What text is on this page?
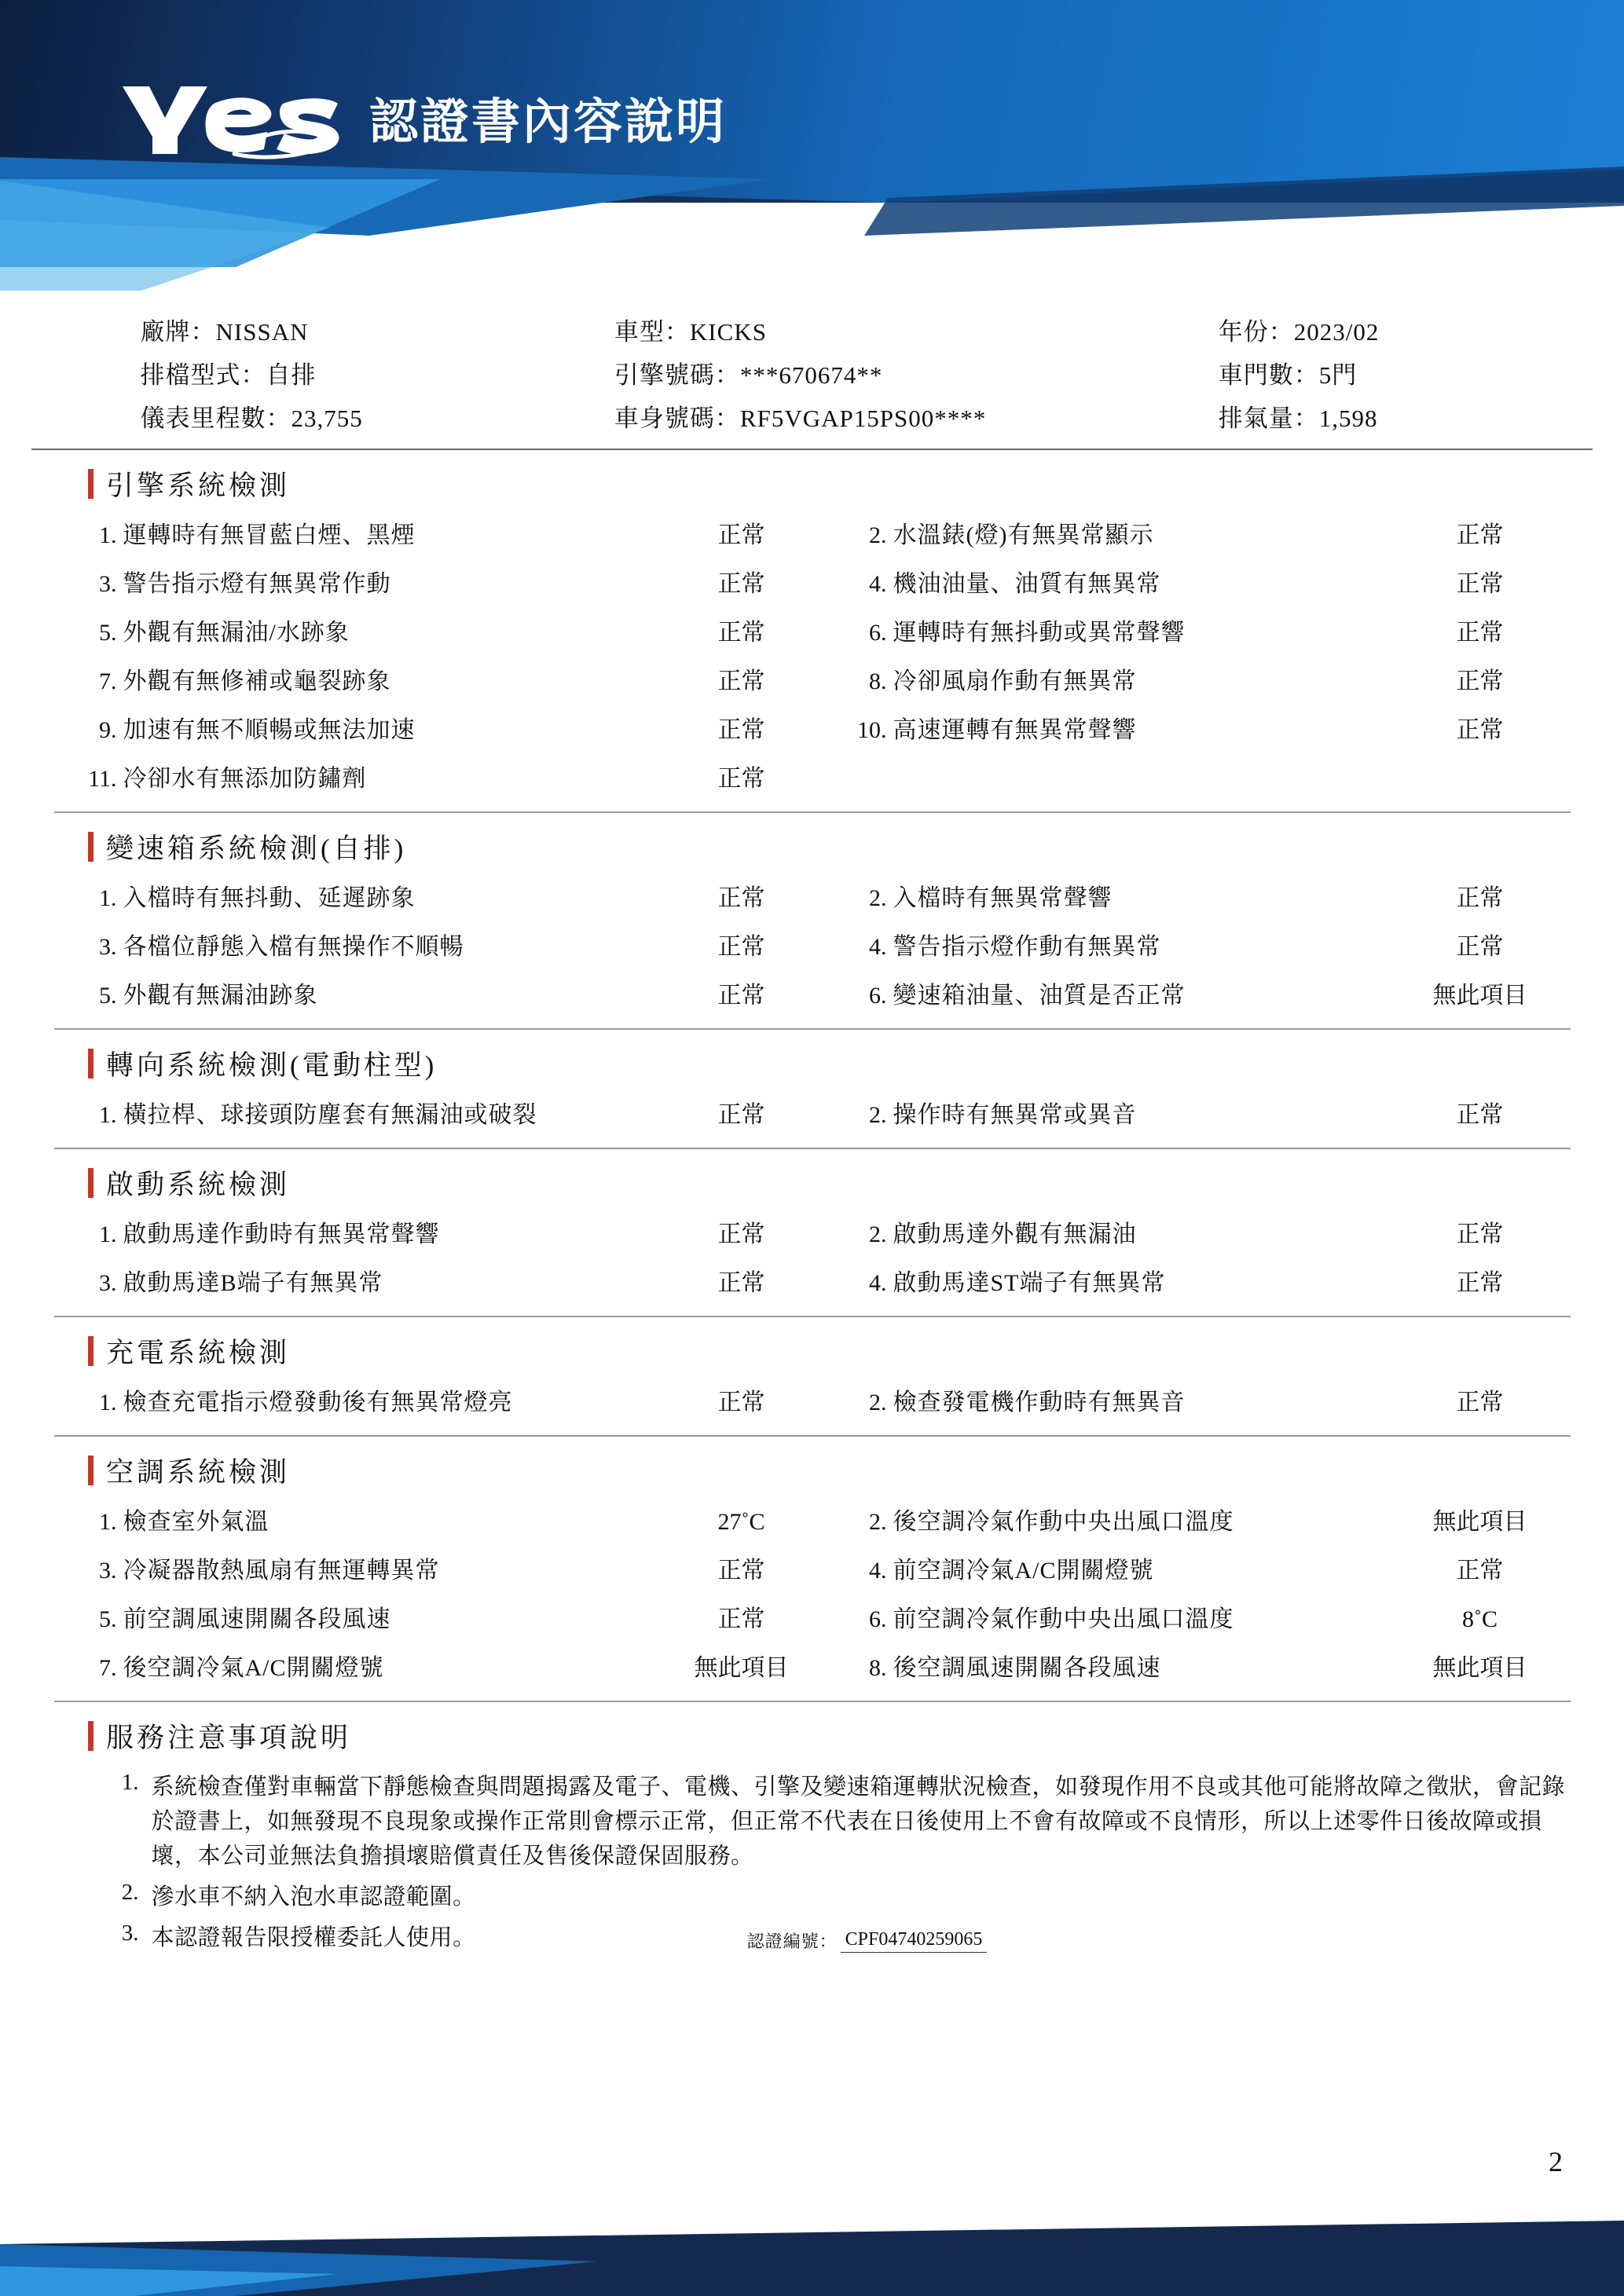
認證書內容說明
廠牌：NISSAN	車型：KICKS	年份：2023/02
排檔型式：自排	引擎號碼：***670674**	車門數：5門
儀表里程數：23,755	車身號碼：RF5VGAP15PS00****	排氣量：1,598
引擎系統檢測
1. 運轉時有無冒藍白煙、黑煙	正常	2. 水溫錶(燈)有無異常顯示	正常
3. 警告指示燈有無異常作動	正常	4. 機油油量、油質有無異常	正常
5. 外觀有無漏油/水跡象	正常	6. 運轉時有無抖動或異常聲響	正常
7. 外觀有無修補或龜裂跡象	正常	8. 冷卻風扇作動有無異常	正常
9. 加速有無不順暢或無法加速	正常	10. 高速運轉有無異常聲響	正常
11. 冷卻水有無添加防鏽劑	正常
變速箱系統檢測(自排)
1. 入檔時有無抖動、延遲跡象	正常	2. 入檔時有無異常聲響	正常
3. 各檔位靜態入檔有無操作不順暢	正常	4. 警告指示燈作動有無異常	正常
5. 外觀有無漏油跡象	正常	6. 變速箱油量、油質是否正常	無此項目
轉向系統檢測(電動柱型)
1. 橫拉桿、球接頭防塵套有無漏油或破裂	正常	2. 操作時有無異常或異音	正常
啟動系統檢測
1. 啟動馬達作動時有無異常聲響	正常	2. 啟動馬達外觀有無漏油	正常
3. 啟動馬達B端子有無異常	正常	4. 啟動馬達ST端子有無異常	正常
充電系統檢測
1. 檢查充電指示燈發動後有無異常燈亮	正常	2. 檢查發電機作動時有無異音	正常
空調系統檢測
1. 檢查室外氣溫	27˚C	2. 後空調冷氣作動中央出風口溫度	無此項目
3. 冷凝器散熱風扇有無運轉異常	正常	4. 前空調冷氣A/C開關燈號	正常
5. 前空調風速開關各段風速	正常	6. 前空調冷氣作動中央出風口溫度	8˚C
7. 後空調冷氣A/C開關燈號	無此項目	8. 後空調風速開關各段風速	無此項目
服務注意事項說明
1. 系統檢查僅對車輛當下靜態檢查與問題揭露及電子、電機、引擎及變速箱運轉狀況檢查，如發現作用不良或其他可能將故障之徵狀，會記錄於證書上，如無發現不良現象或操作正常則會標示正常，但正常不代表在日後使用上不會有故障或不良情形，所以上述零件日後故障或損壞，本公司並無法負擔損壞賠償責任及售後保證保固服務。
2. 滲水車不納入泡水車認證範圍。
3. 本認證報告限授權委託人使用。	認證編號： CPF04740259065
2
